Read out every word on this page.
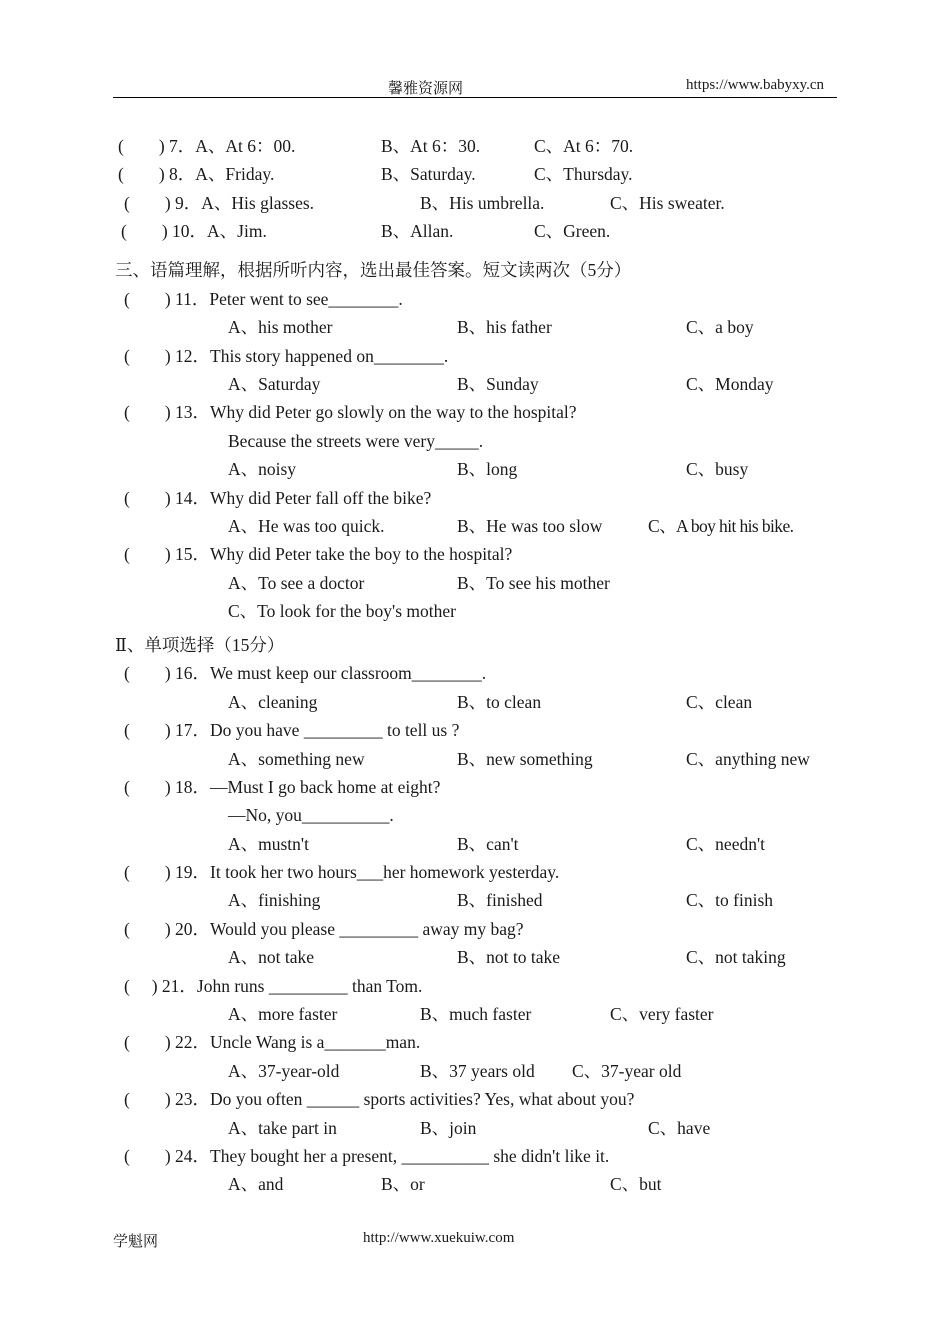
馨雅资源网	https://www.babyxy.cn
(　　) 7．A、At 6：00.	B、At 6：30.	C、At 6：70.
(　　) 8．A、Friday.	B、Saturday.	C、Thursday.
(　　) 9．A、His glasses.	B、His umbrella.	C、His sweater.
(　　) 10．A、Jim.	B、Allan.	C、Green.
三、语篇理解，根据所听内容，选出最佳答案。短文读两次（5分）
(　　) 11．Peter went to see________.
A、his mother	B、his father	C、a boy
(　　) 12．This story happened on________.
A、Saturday	B、Sunday	C、Monday
(　　) 13．Why did Peter go slowly on the way to the hospital?
Because the streets were very_____.
A、noisy	B、long	C、busy
(　　) 14．Why did Peter fall off the bike?
A、He was too quick.	B、He was too slow	C、A boy hit his bike.
(　　) 15．Why did Peter take the boy to the hospital?
A、To see a doctor	B、To see his mother
C、To look for the boy's mother
Ⅱ、单项选择（15分）
(　　) 16．We must keep our classroom________.
A、cleaning	B、to clean	C、clean
(　　) 17．Do you have _________ to tell us ?
A、something new	B、new something	C、anything new
(　　) 18．—Must I go back home at eight?
—No, you__________.
A、mustn't	B、can't	C、needn't
(　　) 19．It took her two hours___her homework yesterday.
A、finishing	B、finished	C、to finish
(　　) 20．Would you please _________ away my bag?
A、not take	B、not to take	C、not taking
(　 ) 21．John runs _________ than Tom.
A、more faster	B、much faster	C、very faster
(　　) 22．Uncle Wang is a_______man.
A、37-year-old	B、37 years old C、37-year old
(　　) 23．Do you often ______ sports activities? Yes, what about you?
A、take part in	B、join	C、have
(　　) 24．They bought her a present, __________ she didn't like it.
A、and	B、or	C、but
学魁网	http://www.xuekuiw.com
